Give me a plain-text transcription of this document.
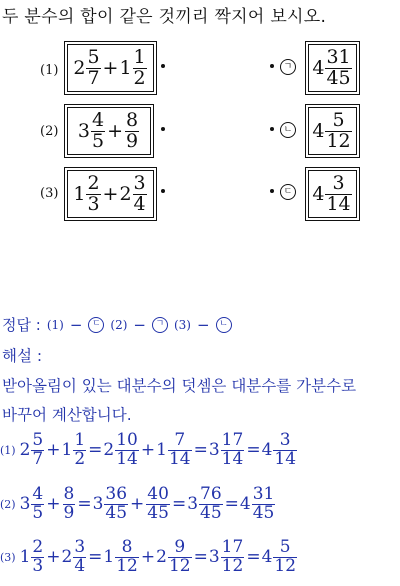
두 분수의 합이 같은 것끼리 짝지어 보시오.
(1) $2 \frac{5}{7} + 1 \frac{1}{2}$
(2) $3 \frac{4}{5} + \frac{8}{9}$
(3) $1 \frac{2}{3} + 2 \frac{3}{4}$
ㄱ $4 \frac{31}{45}$
ㄴ $4 \frac{5}{12}$
ㄷ $4 \frac{3}{14}$
정답 : (1) −	ㄷ (2) −	ㄱ (3) −	ㄴ
해설 :
받아올림이 있는 대분수의 덧셈은 대분수를 가분수로
바꾸어 계산합니다.
(1) $2 \frac{5}{7} + 1 \frac{1}{2} = 2 \frac{10}{14} + 1 \frac{7}{14} = 3 \frac{17}{14} = 4 \frac{3}{14}$
(2) $3 \frac{4}{5} + \frac{8}{9} = 3 \frac{36}{45} + \frac{40}{45} = 3 \frac{76}{45} = 4 \frac{31}{45}$
(3) $1 \frac{2}{3} + 2 \frac{3}{4} = 1 \frac{8}{12} + 2 \frac{9}{12} = 3 \frac{17}{12} = 4 \frac{5}{12}$
